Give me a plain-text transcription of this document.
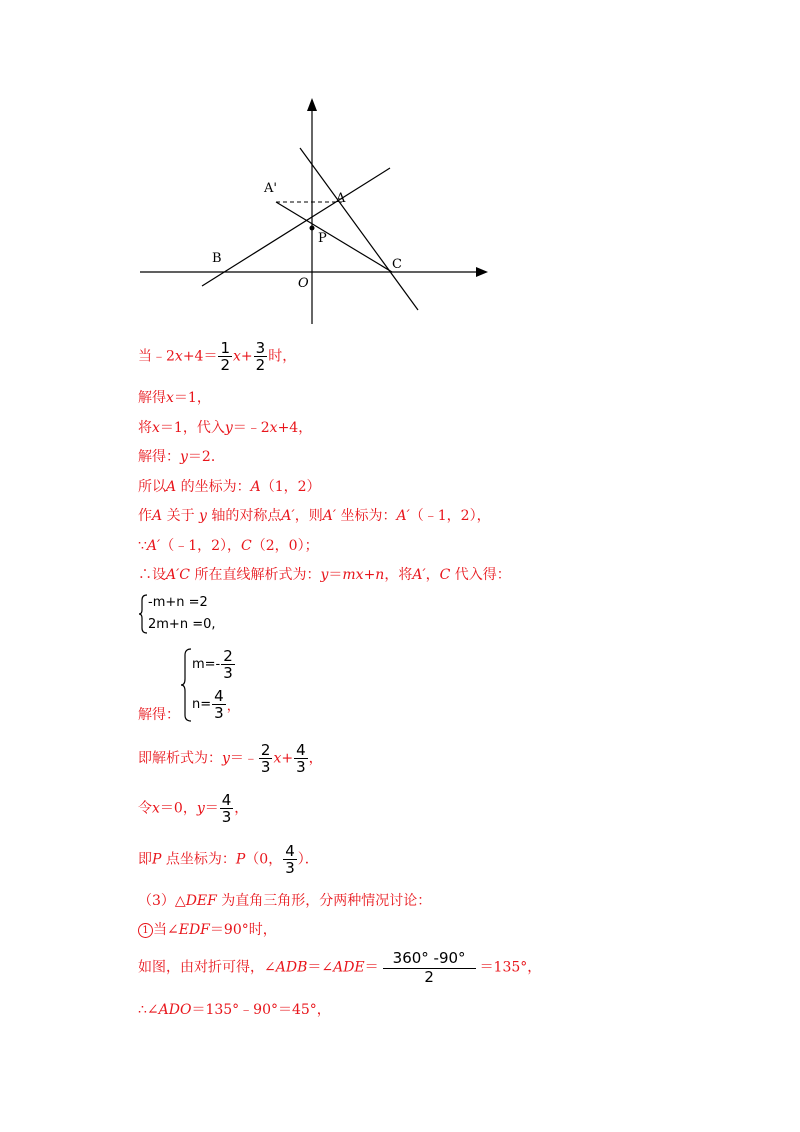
A'
A
P
B	C
O
当﹣2x+4＝ $\frac{1}{2} x+ \frac{3}{2}$ 时，
解得x＝1，
将x＝1，代入y＝﹣2x+4，
解得：y＝2．
所以A 的坐标为：A（1，2）
作A 关于 y 轴的对称点A′，则A′ 坐标为：A′（﹣1，2），
∵A′（﹣1，2），C（2，0）；
∴设A′C 所在直线解析式为：y＝mx+n，将A′，C 代入得：
-m+n =2
2m+n =0,
$m=- \frac{2}{3}$
$n= \frac{4}{3}$ ，
解得：
即解析式为：y＝﹣ $\frac{2}{3} x+ \frac{4}{3}$ ，
令x＝0，$y= \frac{4}{3}$ ，
即P 点坐标为：P（0， $\frac{4}{3}$ ）．
（3）△DEF 为直角三角形，分两种情况讨论：
1 当∠EDF＝90°时，
如图，由对折可得，∠ADB＝∠ADE＝ $\frac{360^\circ -90^\circ}{2} =135^\circ$，
∴∠ADO＝135°﹣90°＝45°，
